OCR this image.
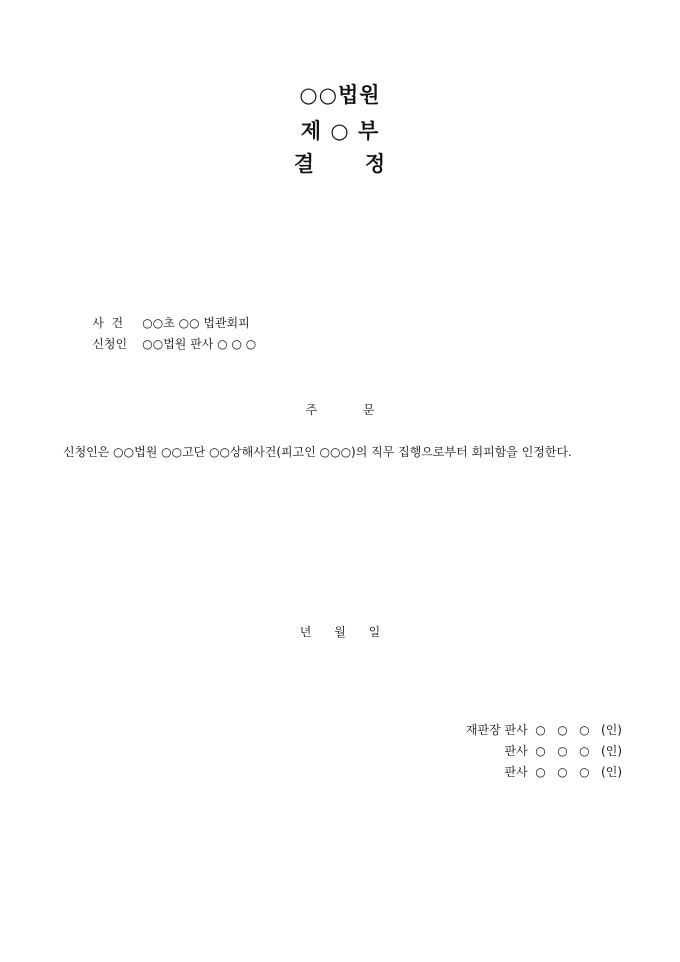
○○법원
제 ○ 부
결      정

사  건 ○○초 ○○ 법관회피

신청인 ○○법원 판사 ○ ○ ○

주            문
신청인은 ○○법원 ○○고단 ○○상해사건(피고인 ○○○)의 직무 집행으로부터 회피함을 인정한다.
년      월      일
재판장 판사  ○   ○   ○   (인)
판사  ○   ○   ○   (인)
판사  ○   ○   ○   (인)
